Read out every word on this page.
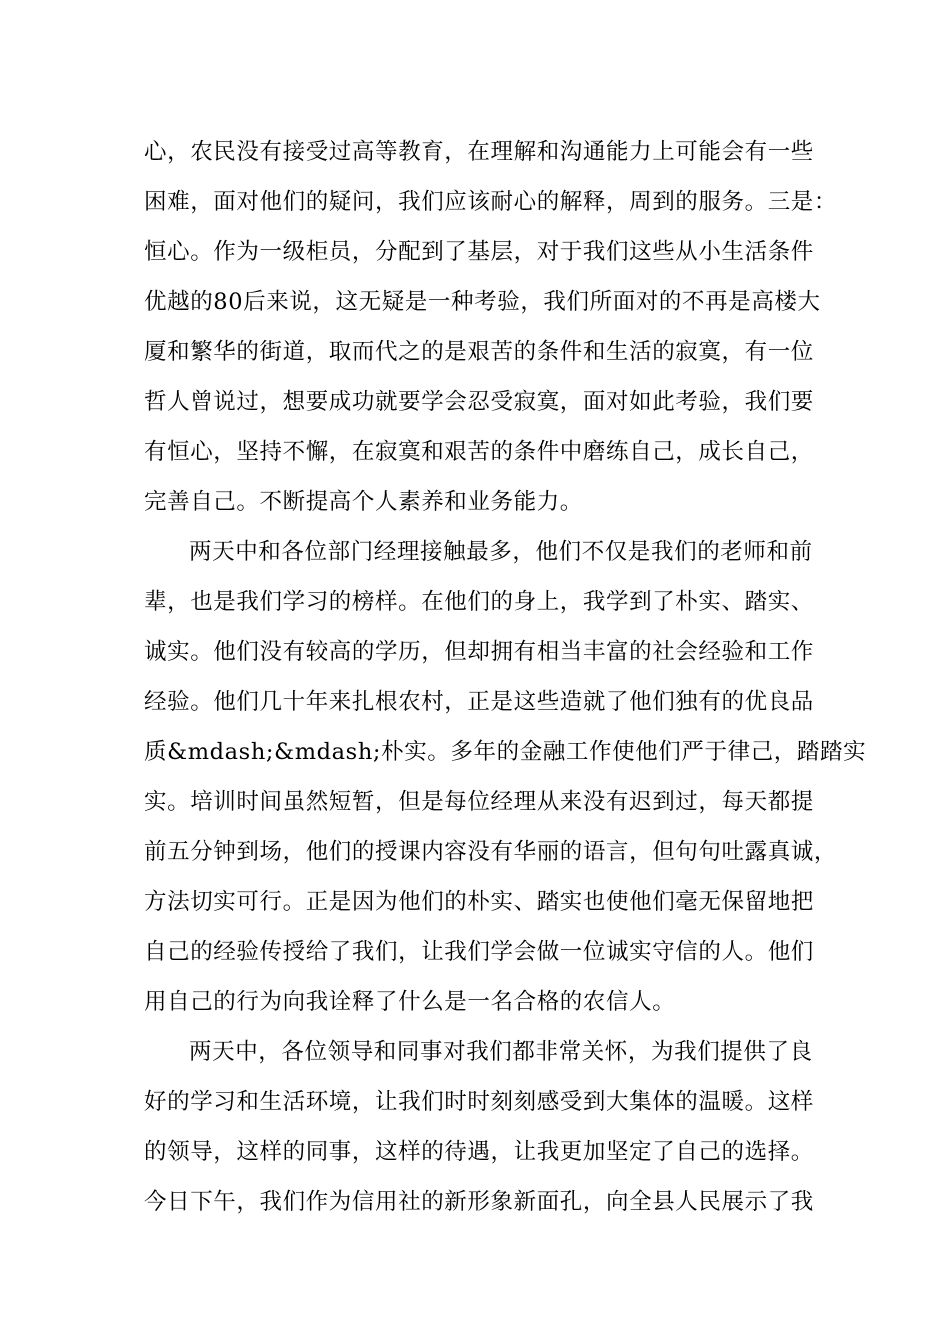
心，农民没有接受过高等教育，在理解和沟通能力上可能会有一些
困难，面对他们的疑问，我们应该耐心的解释，周到的服务。三是：
恒心。作为一级柜员，分配到了基层，对于我们这些从小生活条件
优越的80后来说，这无疑是一种考验，我们所面对的不再是高楼大
厦和繁华的街道，取而代之的是艰苦的条件和生活的寂寞，有一位
哲人曾说过，想要成功就要学会忍受寂寞，面对如此考验，我们要
有恒心，坚持不懈，在寂寞和艰苦的条件中磨练自己，成长自己，
完善自己。不断提高个人素养和业务能力。
两天中和各位部门经理接触最多，他们不仅是我们的老师和前
辈，也是我们学习的榜样。在他们的身上，我学到了朴实、踏实、
诚实。他们没有较高的学历，但却拥有相当丰富的社会经验和工作
经验。他们几十年来扎根农村，正是这些造就了他们独有的优良品
质&mdash;&mdash;朴实。多年的金融工作使他们严于律己，踏踏实
实。培训时间虽然短暂，但是每位经理从来没有迟到过，每天都提
前五分钟到场，他们的授课内容没有华丽的语言，但句句吐露真诚，
方法切实可行。正是因为他们的朴实、踏实也使他们毫无保留地把
自己的经验传授给了我们，让我们学会做一位诚实守信的人。他们
用自己的行为向我诠释了什么是一名合格的农信人。
两天中，各位领导和同事对我们都非常关怀，为我们提供了良
好的学习和生活环境，让我们时时刻刻感受到大集体的温暖。这样
的领导，这样的同事，这样的待遇，让我更加坚定了自己的选择。
今日下午，我们作为信用社的新形象新面孔，向全县人民展示了我
